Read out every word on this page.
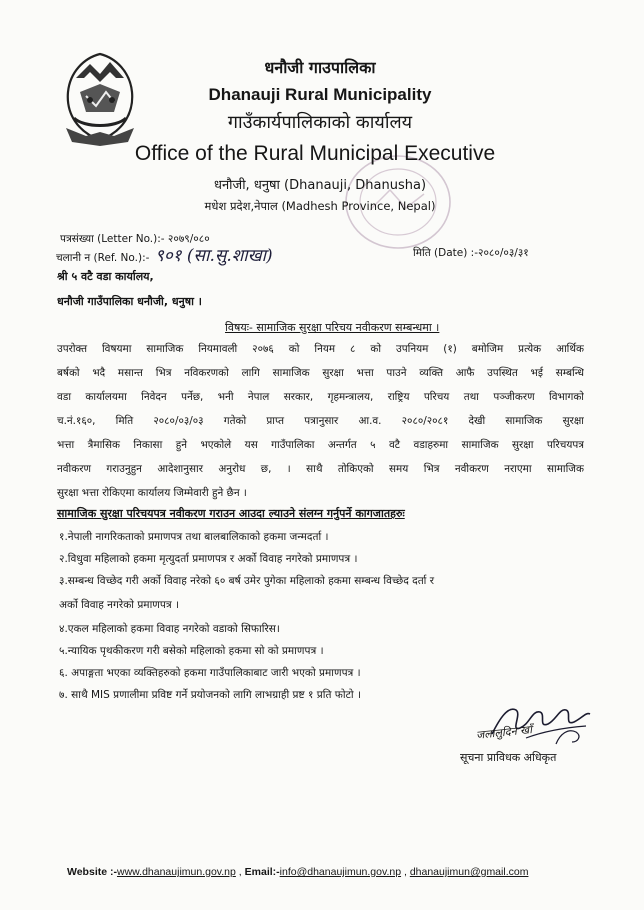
धनौजी गाउपालिका
Dhanauji Rural Municipality
गाउँकार्यपालिकाको कार्यालय
Office of the Rural Municipal Executive
धनौजी, धनुषा (Dhanauji, Dhanusha)
मधेश प्रदेश,नेपाल (Madhesh Province, Nepal)
पत्रसंख्या (Letter No.):- २०७९/०८०
चलानी न (Ref. No.):- ९०१ (सा.सु.शाखा)	मिति (Date) :-२०८०/०३/३१
श्री ५ वटै वडा कार्यालय,
धनौजी गाउँपालिका धनौजी, धनुषा ।
विषयः- सामाजिक सुरक्षा परिचय नवीकरण सम्बन्धमा ।
उपरोक्त विषयमा सामाजिक नियमावली २०७६ को नियम ८ को उपनियम (१) बमोजिम प्रत्येक आर्थिक
बर्षको भदै मसान्त भित्र नविकरणको लागि सामाजिक सुरक्षा भत्ता पाउने व्यक्ति आफै उपस्थित भई सम्बन्धि
वडा कार्यालयमा निवेदन पर्नेछ, भनी नेपाल सरकार, गृहमन्त्रालय, राष्ट्रिय परिचय तथा पञ्जीकरण विभागको
च.नं.१६०, मिति २०८०/०३/०३ गतेको प्राप्त पत्रानुसार आ.व. २०८०/२०८१ देखी सामाजिक सुरक्षा
भत्ता त्रैमासिक निकासा हुने भएकोले यस गाउँपालिका अन्तर्गत ५ वटै वडाहरुमा सामाजिक सुरक्षा परिचयपत्र
नवीकरण गराउनुहुन आदेशानुसार अनुरोध छ, । साथै तोकिएको समय भित्र नवीकरण नराएमा सामाजिक
सुरक्षा भत्ता रोकिएमा कार्यालय जिम्मेवारी हुने छैन ।
सामाजिक सुरक्षा परिचयपत्र नवीकरण गराउन आउदा ल्याउने संलग्न गर्नुपर्ने कागजातहरुः
१.नेपाली नागरिकताको प्रमाणपत्र तथा बालबालिकाको हकमा जन्मदर्ता ।
२.विधुवा महिलाको हकमा मृत्युदर्ता प्रमाणपत्र र अर्को विवाह नगरेको प्रमाणपत्र ।
३.सम्बन्ध विच्छेद गरी अर्को विवाह नरेको ६० बर्ष उमेर पुगेका महिलाको हकमा सम्बन्ध विच्छेद दर्ता र
अर्को विवाह नगरेको प्रमाणपत्र ।
४.एकल महिलाको हकमा विवाह नगरेको वडाको सिफारिस।
५.न्यायिक पृथकीकरण गरी बसेको महिलाको हकमा सो को प्रमाणपत्र ।
६. अपाङ्गता भएका व्यक्तिहरुको हकमा गाउँपालिकाबाट जारी भएको प्रमाणपत्र ।
७. साथै MIS प्रणालीमा प्रविष्ट गर्ने प्रयोजनको लागि लाभग्राही प्रष्ट १ प्रति फोटो ।
जलालुदिन खाँ
सूचना प्राविधक अधिकृत
Website :-www.dhanaujimun.gov.np , Email:-info@dhanaujimun.gov.np , dhanaujimun@gmail.com
